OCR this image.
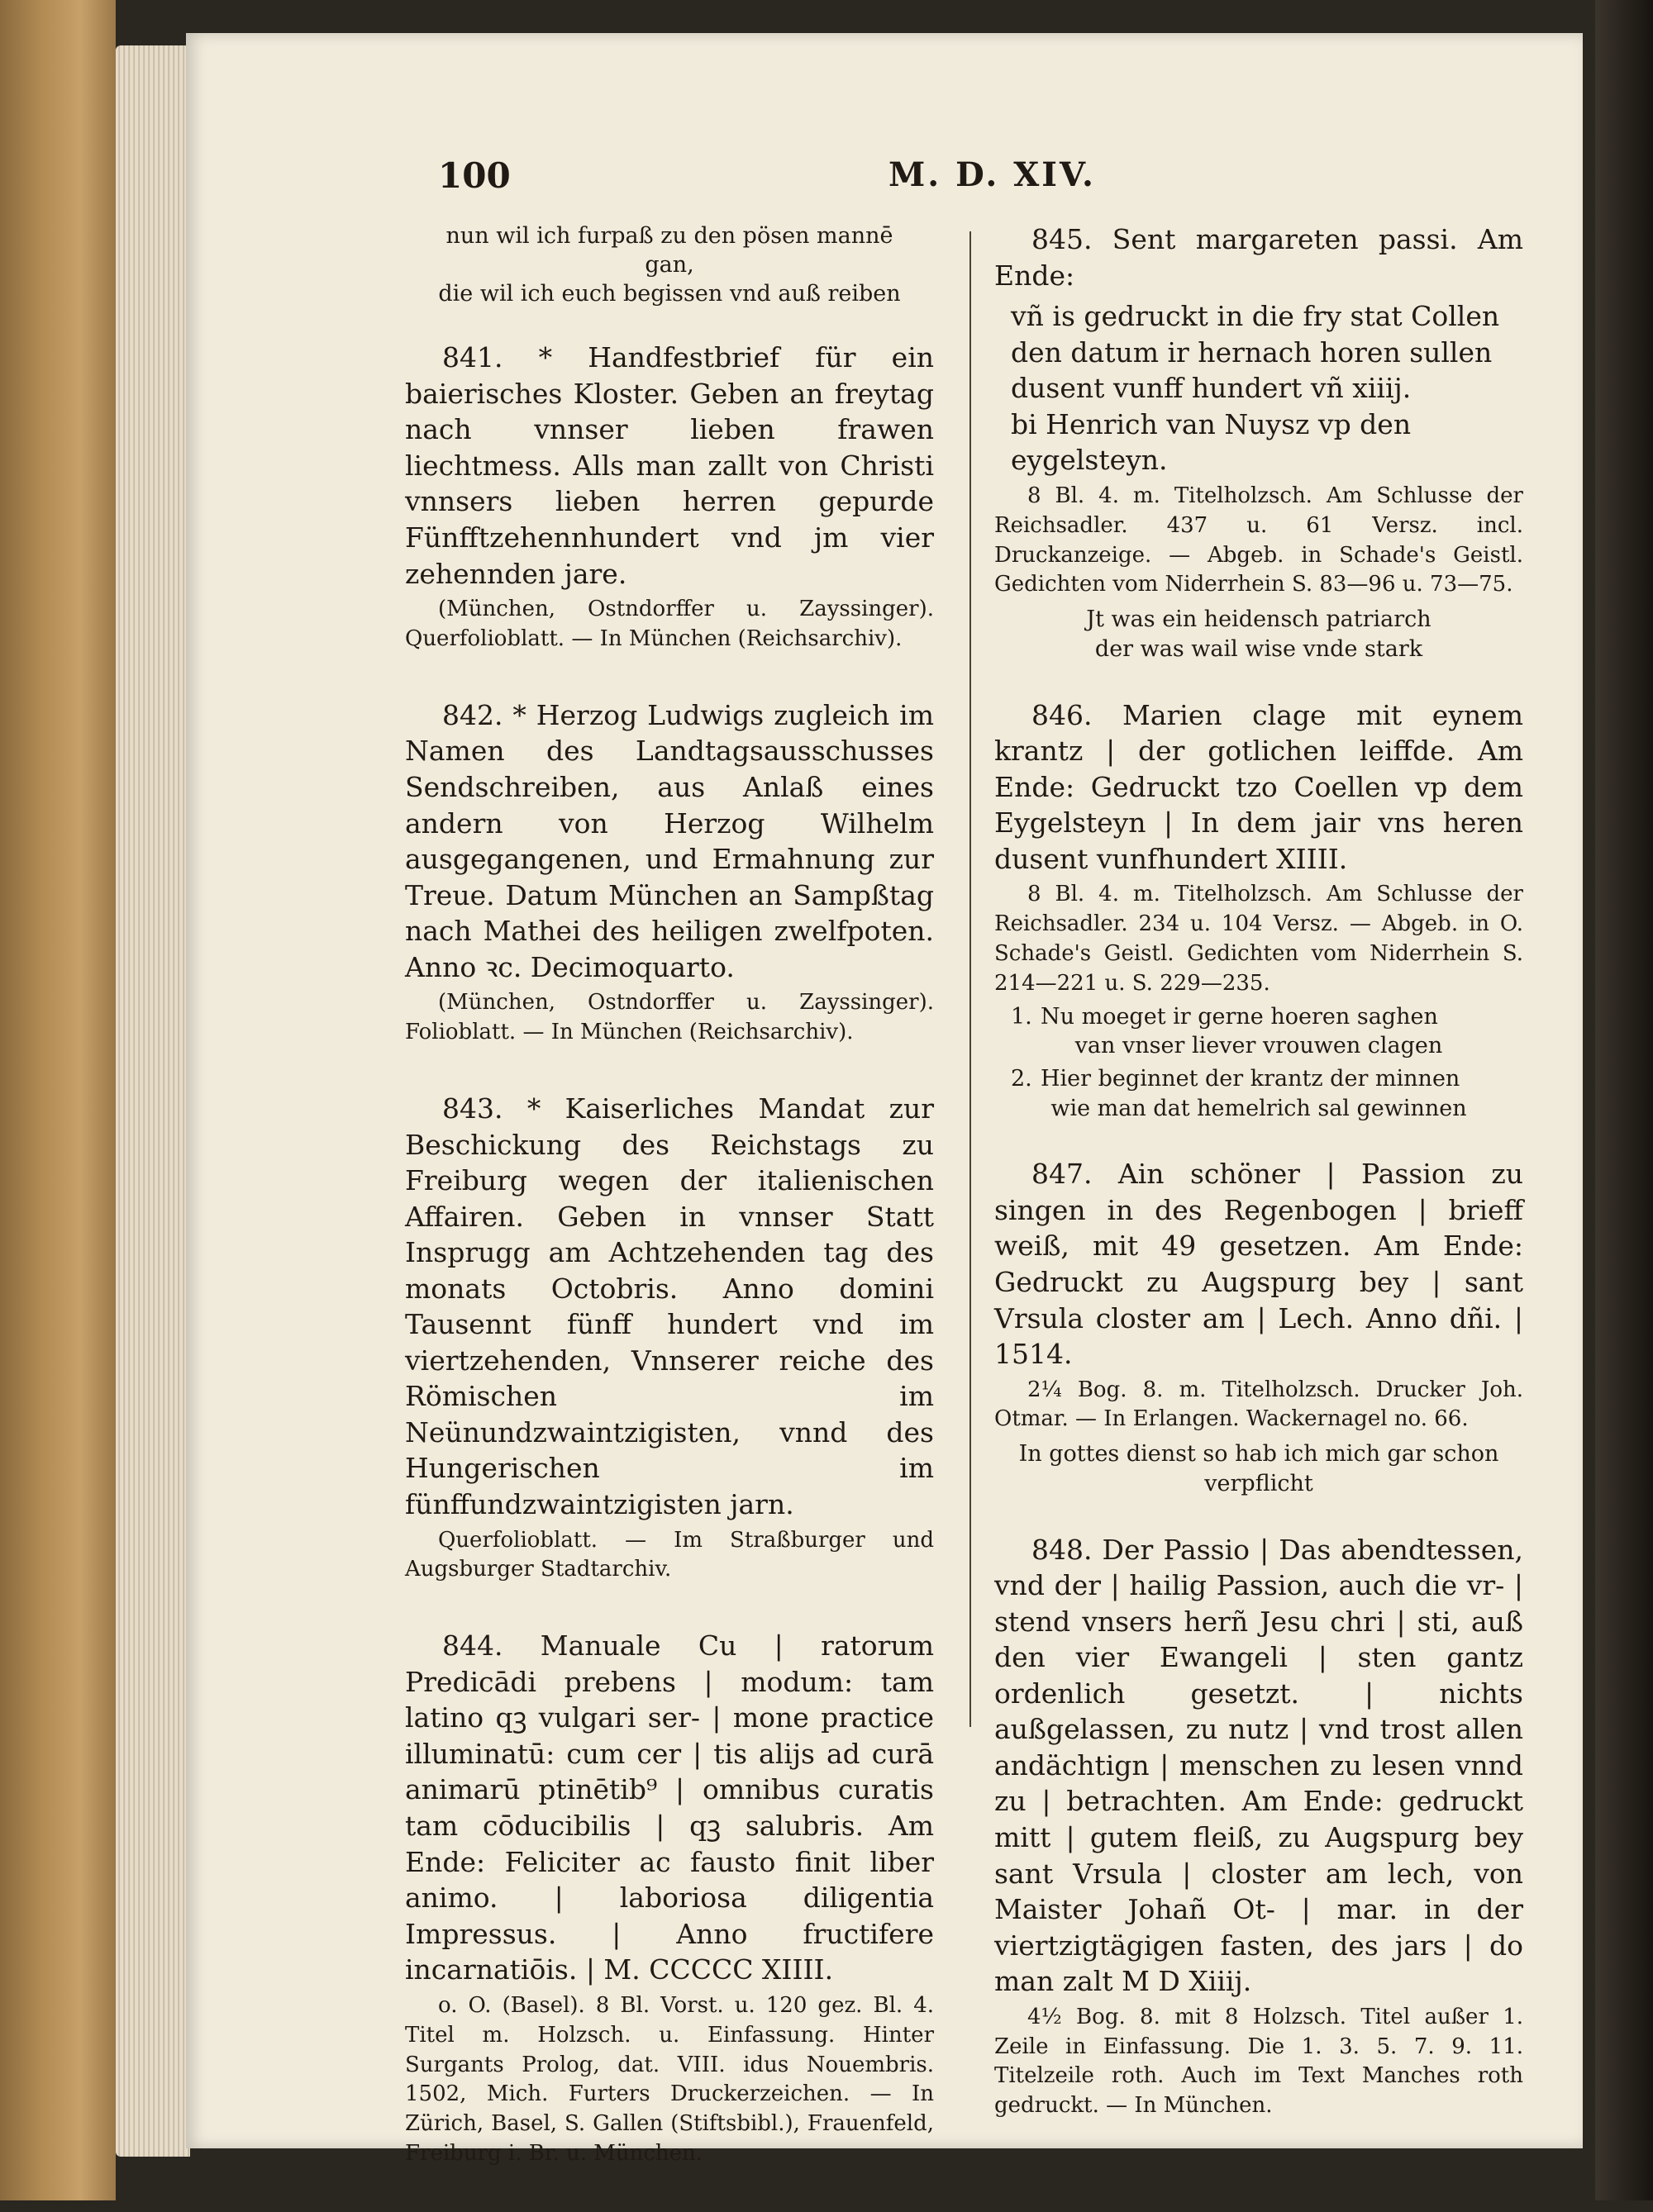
100	M. D. XIV.

nun wil ich furpaß zu den pösen mannē

gan,

die wil ich euch begissen vnd auß reiben

841. * Handfestbrief für ein baierisches Kloster. Geben an freytag nach vnnser lieben frawen liechtmess. Alls man zallt von Christi vnnsers lieben herren gepurde Fünfftzehennhundert vnd jm vier zehennden jare.

(München, Ostndorffer u. Zayssinger). Querfolioblatt. — In München (Reichsarchiv).

842. * Herzog Ludwigs zugleich im Namen des Landtagsausschusses Sendschreiben, aus Anlaß eines andern von Herzog Wilhelm ausgegangenen, und Ermahnung zur Treue. Datum München an Sampßtag nach Mathei des heiligen zwelfpoten. Anno ꝛc. Decimoquarto.

(München, Ostndorffer u. Zayssinger). Folioblatt. — In München (Reichsarchiv).

843. * Kaiserliches Mandat zur Beschickung des Reichstags zu Freiburg wegen der italienischen Affairen. Geben in vnnser Statt Insprugg am Achtzehenden tag des monats Octobris. Anno domini Tausennt fünff hundert vnd im viertzehenden, Vnnserer reiche des Römischen im Neünundzwaintzigisten, vnnd des Hungerischen im fünffundzwaintzigisten jarn.

Querfolioblatt. — Im Straßburger und Augsburger Stadtarchiv.

844. Manuale Cu | ratorum Predicādi prebens | modum: tam latino qꝫ vulgari ser- | mone practice illuminatū: cum cer | tis alijs ad curā animarū ptinētib⁹ | omnibus curatis tam cōducibilis | qꝫ salubris. Am Ende: Feliciter ac fausto finit liber animo. | laboriosa diligentia Impressus. | Anno fructifere incarnatiōis. | M. CCCCC XIIII.

o. O. (Basel). 8 Bl. Vorst. u. 120 gez. Bl. 4. Titel m. Holzsch. u. Einfassung. Hinter Surgants Prolog, dat. VIII. idus Nouembris. 1502, Mich. Furters Druckerzeichen. — In Zürich, Basel, S. Gallen (Stiftsbibl.), Frauenfeld, Freiburg i. Br. u. München.

845. Sent margareten passi. Am Ende:

vñ is gedruckt in die fry stat Collen

den datum ir hernach horen sullen

dusent vunff hundert vñ xiiij.

bi Henrich van Nuysz vp den eygelsteyn.

8 Bl. 4. m. Titelholzsch. Am Schlusse der Reichsadler. 437 u. 61 Versz. incl. Druckanzeige. — Abgeb. in Schade's Geistl. Gedichten vom Niderrhein S. 83—96 u. 73—75.

Jt was ein heidensch patriarch

der was wail wise vnde stark

846. Marien clage mit eynem krantz | der gotlichen leiffde. Am Ende: Gedruckt tzo Coellen vp dem Eygelsteyn | In dem jair vns heren dusent vunfhundert XIIII.

8 Bl. 4. m. Titelholzsch. Am Schlusse der Reichsadler. 234 u. 104 Versz. — Abgeb. in O. Schade's Geistl. Gedichten vom Niderrhein S. 214—221 u. S. 229—235.

1. Nu moeget ir gerne hoeren saghen

van vnser liever vrouwen clagen

2. Hier beginnet der krantz der minnen

wie man dat hemelrich sal gewinnen

847. Ain schöner | Passion zu singen in des Regenbogen | brieff weiß, mit 49 gesetzen. Am Ende: Gedruckt zu Augspurg bey | sant Vrsula closter am | Lech. Anno dñi. | 1514.

2¼ Bog. 8. m. Titelholzsch. Drucker Joh. Otmar. — In Erlangen. Wackernagel no. 66.

In gottes dienst so hab ich mich gar schon

verpflicht

848. Der Passio | Das abendtessen, vnd der | hailig Passion, auch die vr- | stend vnsers herñ Jesu chri | sti, auß den vier Ewangeli | sten gantz ordenlich gesetzt. | nichts außgelassen, zu nutz | vnd trost allen andächtign | menschen zu lesen vnnd zu | betrachten. Am Ende: gedruckt mitt | gutem fleiß, zu Augspurg bey sant Vrsula | closter am lech, von Maister Johañ Ot- | mar. in der viertzigtägigen fasten, des jars | do man zalt M D Xiiij.

4½ Bog. 8. mit 8 Holzsch. Titel außer 1. Zeile in Einfassung. Die 1. 3. 5. 7. 9. 11. Titelzeile roth. Auch im Text Manches roth gedruckt. — In München.
